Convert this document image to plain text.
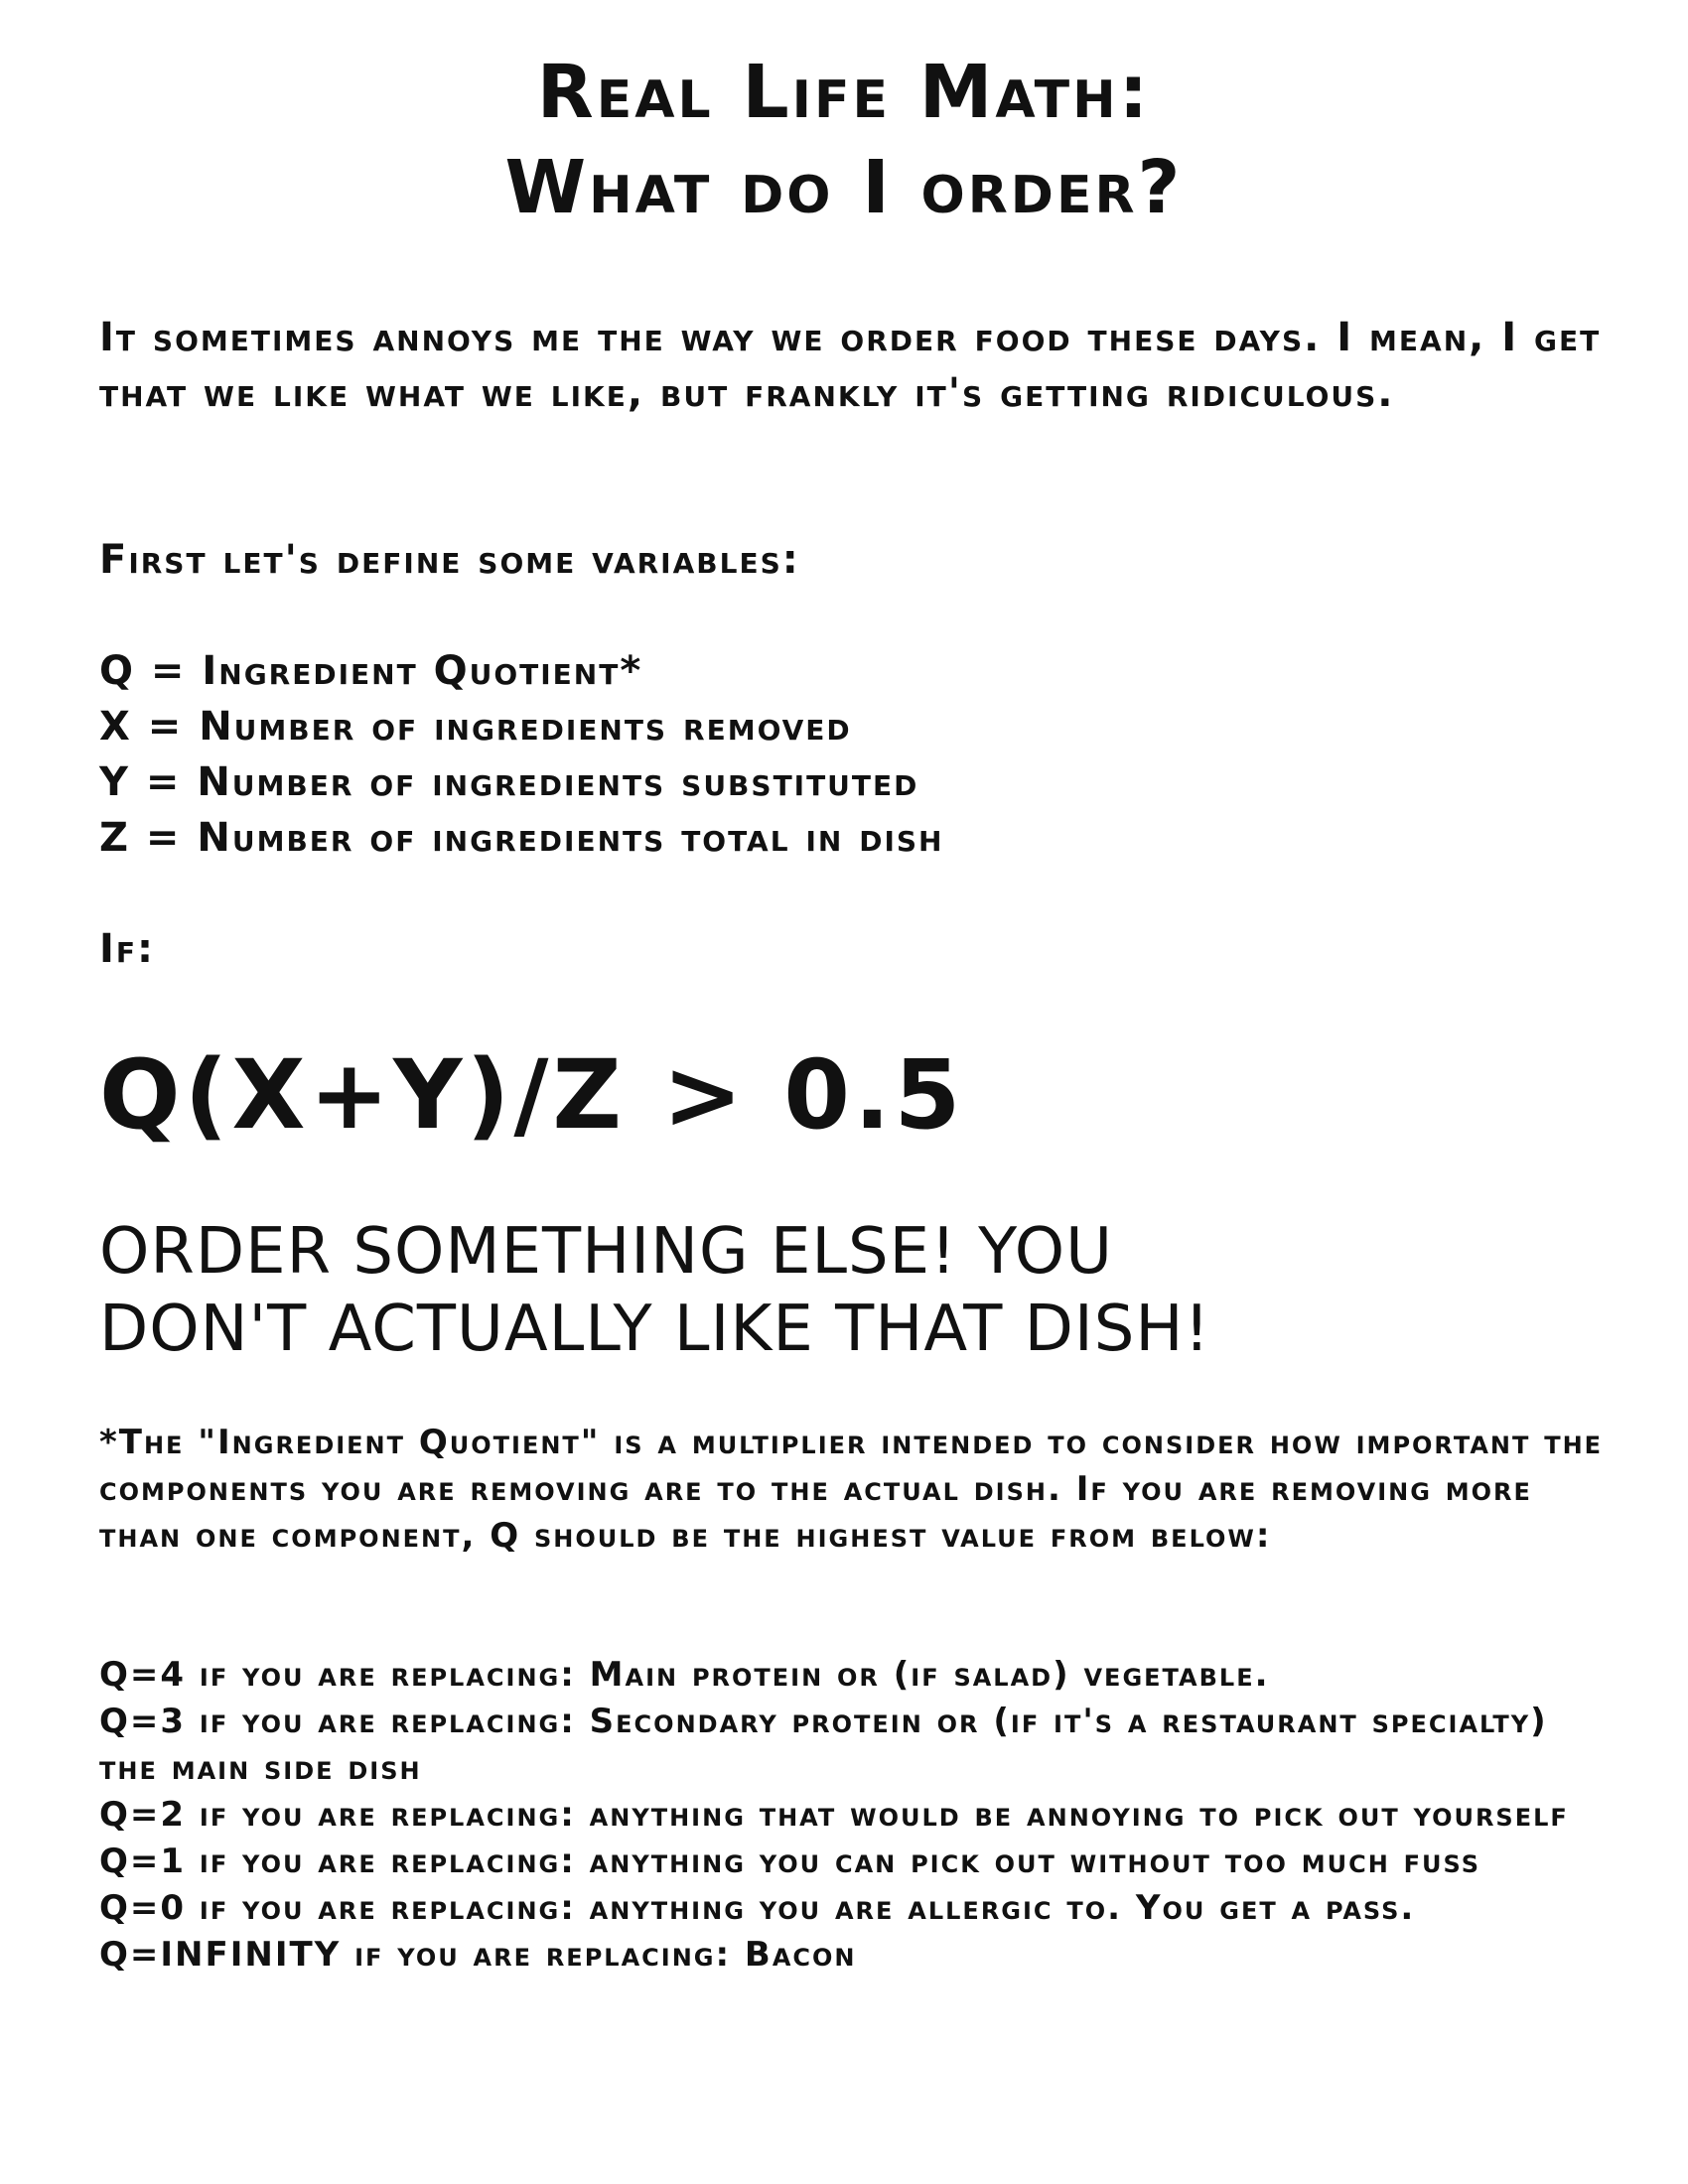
Real Life Math:
What do I order?
It sometimes annoys me the way we order food these days. I mean, I get that we like what we like, but frankly it's getting ridiculous.
First let's define some variables:
Q = Ingredient Quotient*
X = Number of ingredients removed
Y = Number of ingredients substituted
Z = Number of ingredients total in dish
If:
Q(X+Y)/Z > 0.5
ORDER SOMETHING ELSE! YOU
DON'T ACTUALLY LIKE THAT DISH!
*The "Ingredient Quotient" is a multiplier intended to consider how important the components you are removing are to the actual dish. If you are removing more than one component, Q should be the highest value from below:
Q=4 if you are replacing: Main protein or (if salad) vegetable.
Q=3 if you are replacing: Secondary protein or (if it's a restaurant specialty) the main side dish
Q=2 if you are replacing: anything that would be annoying to pick out yourself
Q=1 if you are replacing: anything you can pick out without too much fuss
Q=0 if you are replacing: anything you are allergic to. You get a pass.
Q=INFINITY if you are replacing: Bacon
